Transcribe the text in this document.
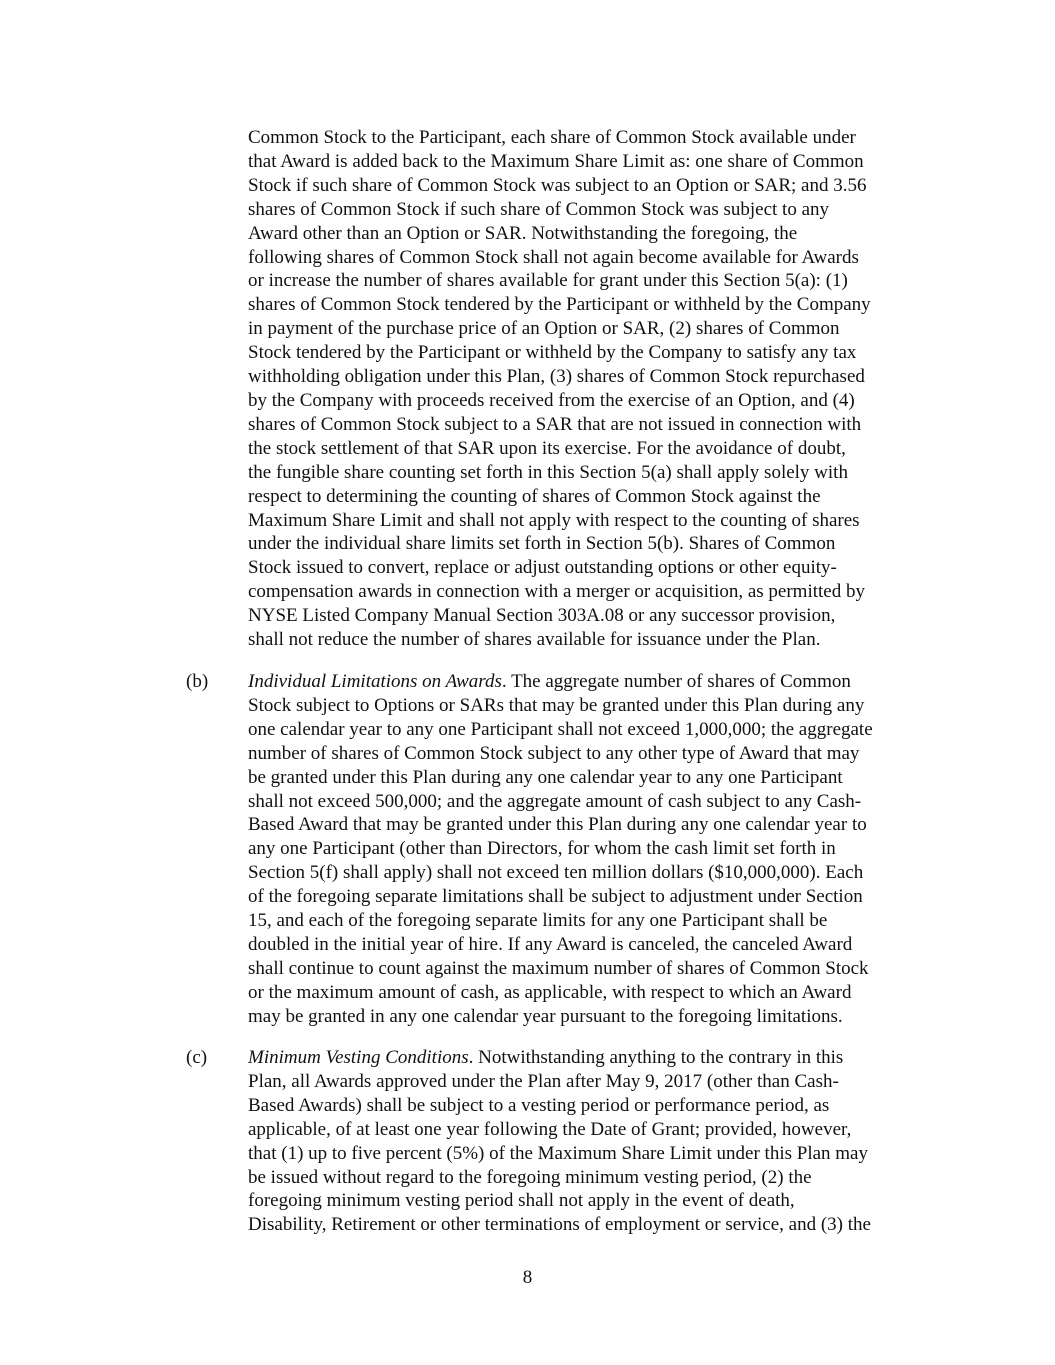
Common Stock to the Participant, each share of Common Stock available under
that Award is added back to the Maximum Share Limit as: one share of Common
Stock if such share of Common Stock was subject to an Option or SAR; and 3.56
shares of Common Stock if such share of Common Stock was subject to any
Award other than an Option or SAR. Notwithstanding the foregoing, the
following shares of Common Stock shall not again become available for Awards
or increase the number of shares available for grant under this Section 5(a): (1)
shares of Common Stock tendered by the Participant or withheld by the Company
in payment of the purchase price of an Option or SAR, (2) shares of Common
Stock tendered by the Participant or withheld by the Company to satisfy any tax
withholding obligation under this Plan, (3) shares of Common Stock repurchased
by the Company with proceeds received from the exercise of an Option, and (4)
shares of Common Stock subject to a SAR that are not issued in connection with
the stock settlement of that SAR upon its exercise. For the avoidance of doubt,
the fungible share counting set forth in this Section 5(a) shall apply solely with
respect to determining the counting of shares of Common Stock against the
Maximum Share Limit and shall not apply with respect to the counting of shares
under the individual share limits set forth in Section 5(b). Shares of Common
Stock issued to convert, replace or adjust outstanding options or other equity-
compensation awards in connection with a merger or acquisition, as permitted by
NYSE Listed Company Manual Section 303A.08 or any successor provision,
shall not reduce the number of shares available for issuance under the Plan.
(b) Individual Limitations on Awards. The aggregate number of shares of Common
Stock subject to Options or SARs that may be granted under this Plan during any
one calendar year to any one Participant shall not exceed 1,000,000; the aggregate
number of shares of Common Stock subject to any other type of Award that may
be granted under this Plan during any one calendar year to any one Participant
shall not exceed 500,000; and the aggregate amount of cash subject to any Cash-
Based Award that may be granted under this Plan during any one calendar year to
any one Participant (other than Directors, for whom the cash limit set forth in
Section 5(f) shall apply) shall not exceed ten million dollars ($10,000,000). Each
of the foregoing separate limitations shall be subject to adjustment under Section
15, and each of the foregoing separate limits for any one Participant shall be
doubled in the initial year of hire. If any Award is canceled, the canceled Award
shall continue to count against the maximum number of shares of Common Stock
or the maximum amount of cash, as applicable, with respect to which an Award
may be granted in any one calendar year pursuant to the foregoing limitations.
(c) Minimum Vesting Conditions. Notwithstanding anything to the contrary in this
Plan, all Awards approved under the Plan after May 9, 2017 (other than Cash-
Based Awards) shall be subject to a vesting period or performance period, as
applicable, of at least one year following the Date of Grant; provided, however,
that (1) up to five percent (5%) of the Maximum Share Limit under this Plan may
be issued without regard to the foregoing minimum vesting period, (2) the
foregoing minimum vesting period shall not apply in the event of death,
Disability, Retirement or other terminations of employment or service, and (3) the
8
